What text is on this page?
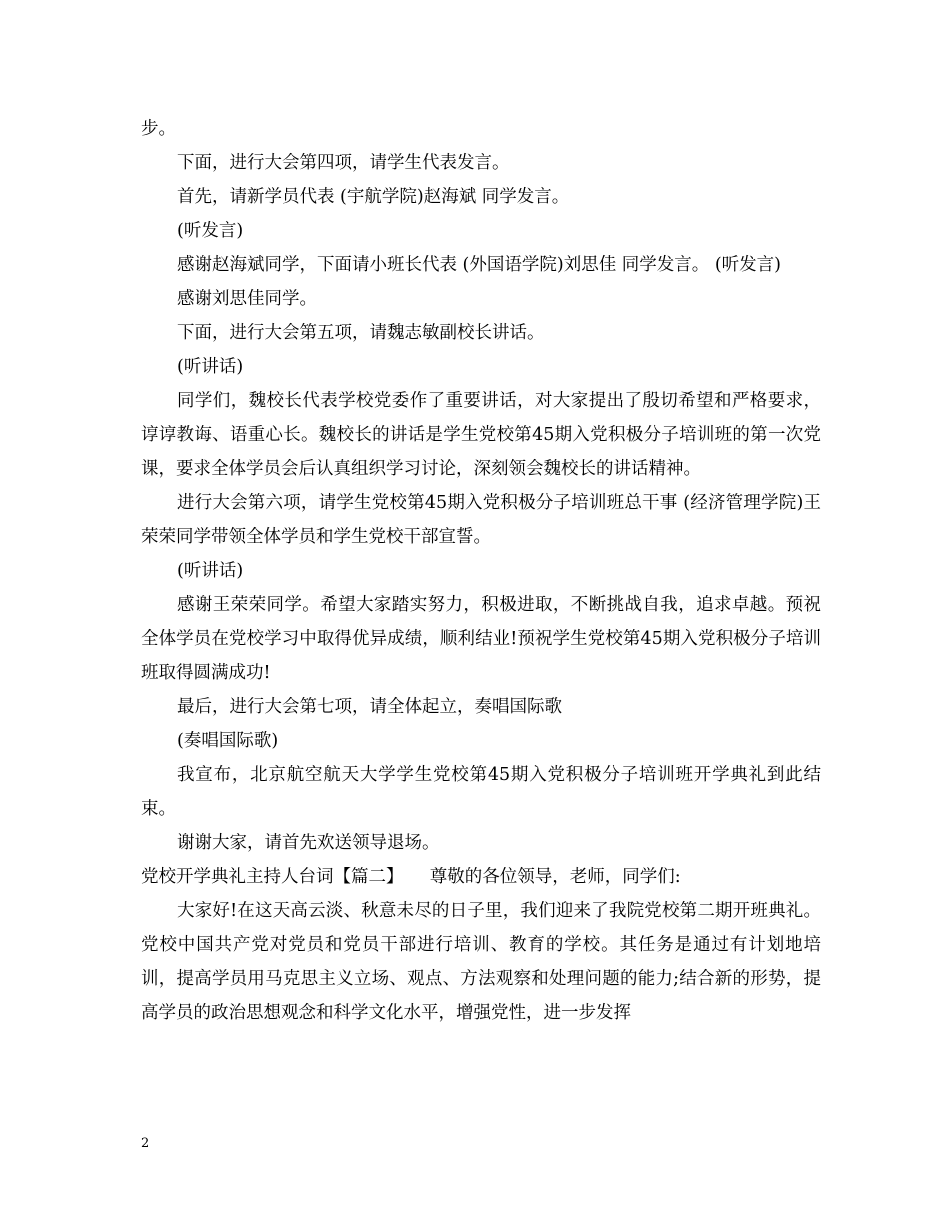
步。

下面，进行大会第四项，请学生代表发言。

首先，请新学员代表 (宇航学院)赵海斌 同学发言。

(听发言)

感谢赵海斌同学，下面请小班长代表 (外国语学院)刘思佳 同学发言。 (听发言)

感谢刘思佳同学。

下面，进行大会第五项，请魏志敏副校长讲话。

(听讲话)

同学们，魏校长代表学校党委作了重要讲话，对大家提出了殷切希望和严格要求，谆谆教诲、语重心长。魏校长的讲话是学生党校第45期入党积极分子培训班的第一次党课，要求全体学员会后认真组织学习讨论，深刻领会魏校长的讲话精神。

进行大会第六项，请学生党校第45期入党积极分子培训班总干事 (经济管理学院)王荣荣同学带领全体学员和学生党校干部宣誓。

(听讲话)

感谢王荣荣同学。希望大家踏实努力，积极进取，不断挑战自我，追求卓越。预祝全体学员在党校学习中取得优异成绩，顺利结业!预祝学生党校第45期入党积极分子培训班取得圆满成功!

最后，进行大会第七项，请全体起立，奏唱国际歌

(奏唱国际歌)

我宣布，北京航空航天大学学生党校第45期入党积极分子培训班开学典礼到此结束。

谢谢大家，请首先欢送领导退场。

党校开学典礼主持人台词【篇二】　　尊敬的各位领导，老师，同学们:

大家好!在这天高云淡、秋意未尽的日子里，我们迎来了我院党校第二期开班典礼。 党校中国共产党对党员和党员干部进行培训、教育的学校。其任务是通过有计划地培训，提高学员用马克思主义立场、观点、方法观察和处理问题的能力;结合新的形势，提高学员的政治思想观念和科学文化水平，增强党性，进一步发挥

2
